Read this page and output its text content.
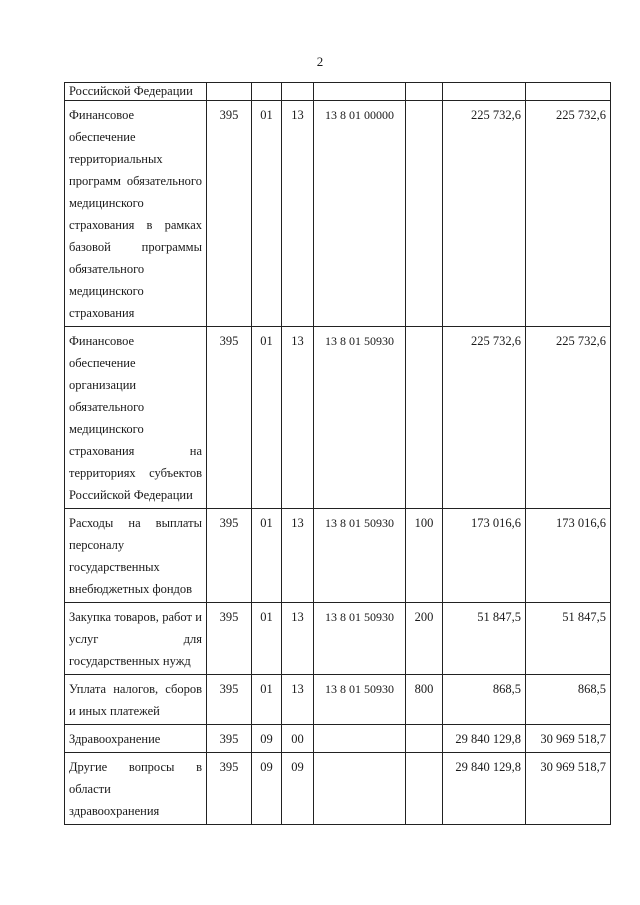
2
Российской Федерации							
Финансовое обеспечение территориальных программ обязательного медицинского страхования в рамках базовой программы обязательного медицинского страхования	395	01	13	13 8 01 00000		225 732,6	225 732,6
Финансовое обеспечение организации обязательного медицинского страхования на территориях субъектов Российской Федерации	395	01	13	13 8 01 50930		225 732,6	225 732,6
Расходы на выплаты персоналу государственных внебюджетных фондов	395	01	13	13 8 01 50930	100	173 016,6	173 016,6
Закупка товаров, работ и услуг для государственных нужд	395	01	13	13 8 01 50930	200	51 847,5	51 847,5
Уплата налогов, сборов и иных платежей	395	01	13	13 8 01 50930	800	868,5	868,5
Здравоохранение	395	09	00			29 840 129,8	30 969 518,7
Другие вопросы в области здравоохранения	395	09	09			29 840 129,8	30 969 518,7
